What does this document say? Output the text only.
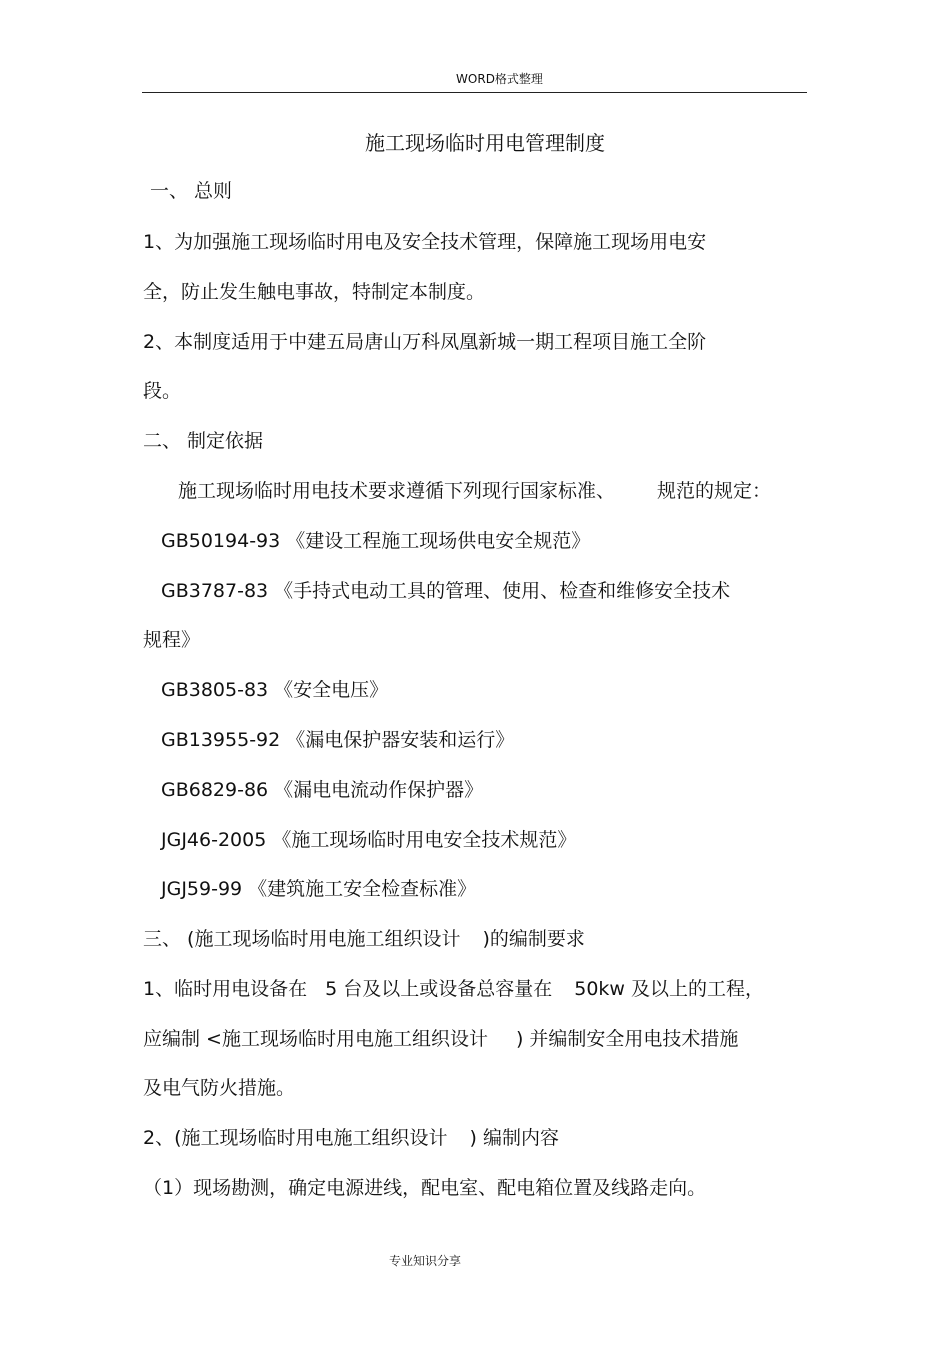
WORD格式整理
施工现场临时用电管理制度
一、 总则
1、为加强施工现场临时用电及安全技术管理，保障施工现场用电安
全，防止发生触电事故，特制定本制度。
2、本制度适用于中建五局唐山万科凤凰新城一期工程项目施工全阶
段。
二、 制定依据
施工现场临时用电技术要求遵循下列现行国家标准、 规范的规定：
GB50194-93 《建设工程施工现场供电安全规范》
GB3787-83 《手持式电动工具的管理、使用、检查和维修安全技术
规程》
GB3805-83 《安全电压》
GB13955-92 《漏电保护器安装和运行》
GB6829-86 《漏电电流动作保护器》
JGJ46-2005 《施工现场临时用电安全技术规范》
JGJ59-99 《建筑施工安全检查标准》
三、 (施工现场临时用电施工组织设计 )的编制要求
1、临时用电设备在 5 台及以上或设备总容量在 50kw 及以上的工程，
应编制 <施工现场临时用电施工组织设计 ) 并编制安全用电技术措施
及电气防火措施。
2、(施工现场临时用电施工组织设计 ) 编制内容
（1）现场勘测，确定电源进线，配电室、配电箱位置及线路走向。
专业知识分享
